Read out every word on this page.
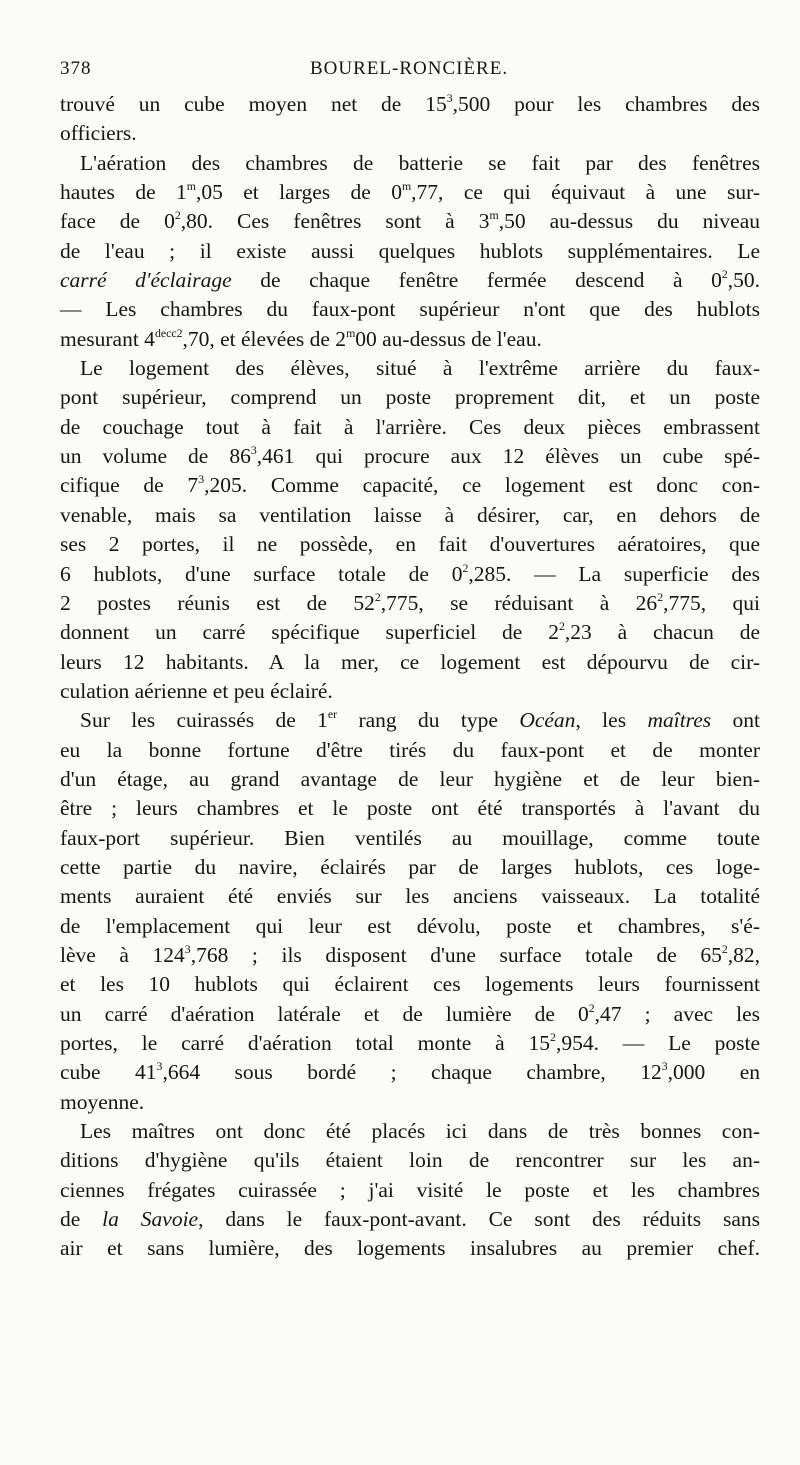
378	BOUREL-RONCIÈRE.
trouvé un cube moyen net de $15^3,500$ pour les chambres des
officiers.
L'aération des chambres de batterie se fait par des fenêtres
hautes de 1$^m$,05 et larges de 0$^m$,77, ce qui équivaut à une sur-
face de $0^2,80$. Ces fenêtres sont à 3$^m$,50 au-dessus du niveau
de l'eau ; il existe aussi quelques hublots supplémentaires. Le
carré d'éclairage de chaque fenêtre fermée descend à $0^2,50$.
— Les chambres du faux-pont supérieur n'ont que des hublots
mesurant $4^{decc2},70$, et élevées de 2$^m$00 au-dessus de l'eau.
Le logement des élèves, situé à l'extrême arrière du faux-
pont supérieur, comprend un poste proprement dit, et un poste
de couchage tout à fait à l'arrière. Ces deux pièces embrassent
un volume de $86^3,461$ qui procure aux 12 élèves un cube spé-
cifique de $7^3,205$. Comme capacité, ce logement est donc con-
venable, mais sa ventilation laisse à désirer, car, en dehors de
ses 2 portes, il ne possède, en fait d'ouvertures aératoires, que
6 hublots, d'une surface totale de $0^2,285$. — La superficie des
2 postes réunis est de $52^2,775$, se réduisant à $26^2,775$, qui
donnent un carré spécifique superficiel de $2^2,23$ à chacun de
leurs 12 habitants. A la mer, ce logement est dépourvu de cir-
culation aérienne et peu éclairé.
Sur les cuirassés de 1er rang du type Océan, les maîtres ont
eu la bonne fortune d'être tirés du faux-pont et de monter
d'un étage, au grand avantage de leur hygiène et de leur bien-
être ; leurs chambres et le poste ont été transportés à l'avant du
faux-port supérieur. Bien ventilés au mouillage, comme toute
cette partie du navire, éclairés par de larges hublots, ces loge-
ments auraient été enviés sur les anciens vaisseaux. La totalité
de l'emplacement qui leur est dévolu, poste et chambres, s'é-
lève à $124^3,768$ ; ils disposent d'une surface totale de $65^2,82$,
et les 10 hublots qui éclairent ces logements leurs fournissent
un carré d'aération latérale et de lumière de $0^2,47$ ; avec les
portes, le carré d'aération total monte à $15^2,954$. — Le poste
cube $41^3,664$ sous bordé ; chaque chambre, $12^3,000$ en
moyenne.
Les maîtres ont donc été placés ici dans de très bonnes con-
ditions d'hygiène qu'ils étaient loin de rencontrer sur les an-
ciennes frégates cuirassée ; j'ai visité le poste et les chambres
de la Savoie, dans le faux-pont-avant. Ce sont des réduits sans
air et sans lumière, des logements insalubres au premier chef.
